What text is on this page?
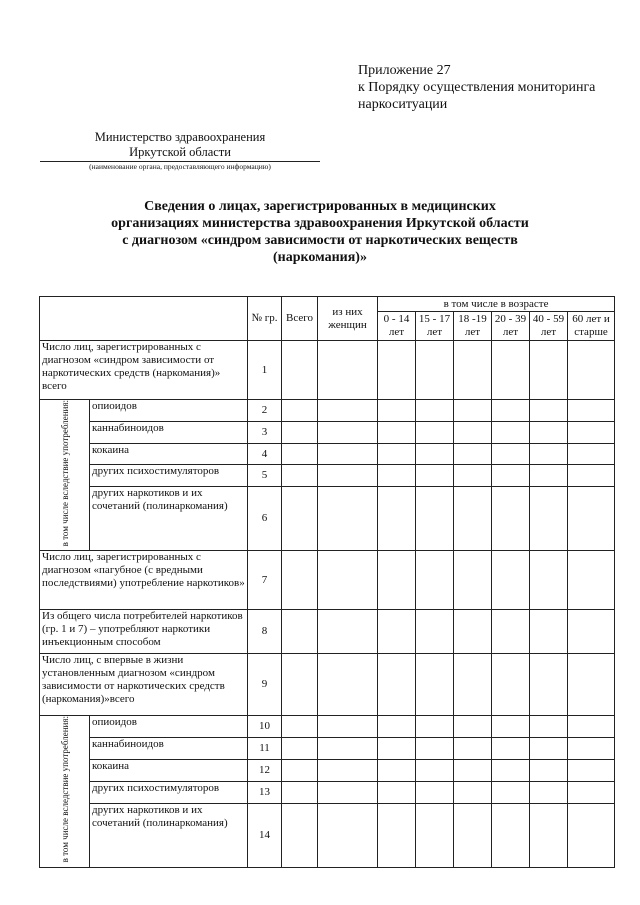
Приложение 27
к Порядку осуществления мониторинга
наркоситуации
Министерство здравоохранения
Иркутской области
(наименование органа, предоставляющего информацию)
Сведения о лицах, зарегистрированных в медицинских
организациях министерства здравоохранения Иркутской области
с диагнозом «синдром зависимости от наркотических веществ
(наркомания)»
		№ гр.	Всего	из них женщин	в том числе в возрасте					
					0 - 14 лет	15 - 17 лет	18 -19 лет	20 - 39 лет	40 - 59 лет	60 лет и старше
Число лиц, зарегистрированных с диагнозом «синдром зависимости от наркотических средств (наркомания)» всего		1								
в том числе вследствие употребления:	опиоидов	2								
	каннабиноидов	3								
	кокаина	4								
	других психостимуляторов	5								
	других наркотиков и их сочетаний (полинаркомания)	6								
Число лиц, зарегистрированных с диагнозом «пагубное (с вредными последствиями) употребление наркотиков»		7								
Из общего числа потребителей наркотиков (гр. 1 и 7) – употребляют наркотики инъекционным способом		8								
Число лиц, с впервые в жизни установленным диагнозом «синдром зависимости от наркотических средств (наркомания)»всего		9								
в том числе вследствие употребления:	опиоидов	10								
	каннабиноидов	11								
	кокаина	12								
	других психостимуляторов	13								
	других наркотиков и их сочетаний (полинаркомания)	14								
